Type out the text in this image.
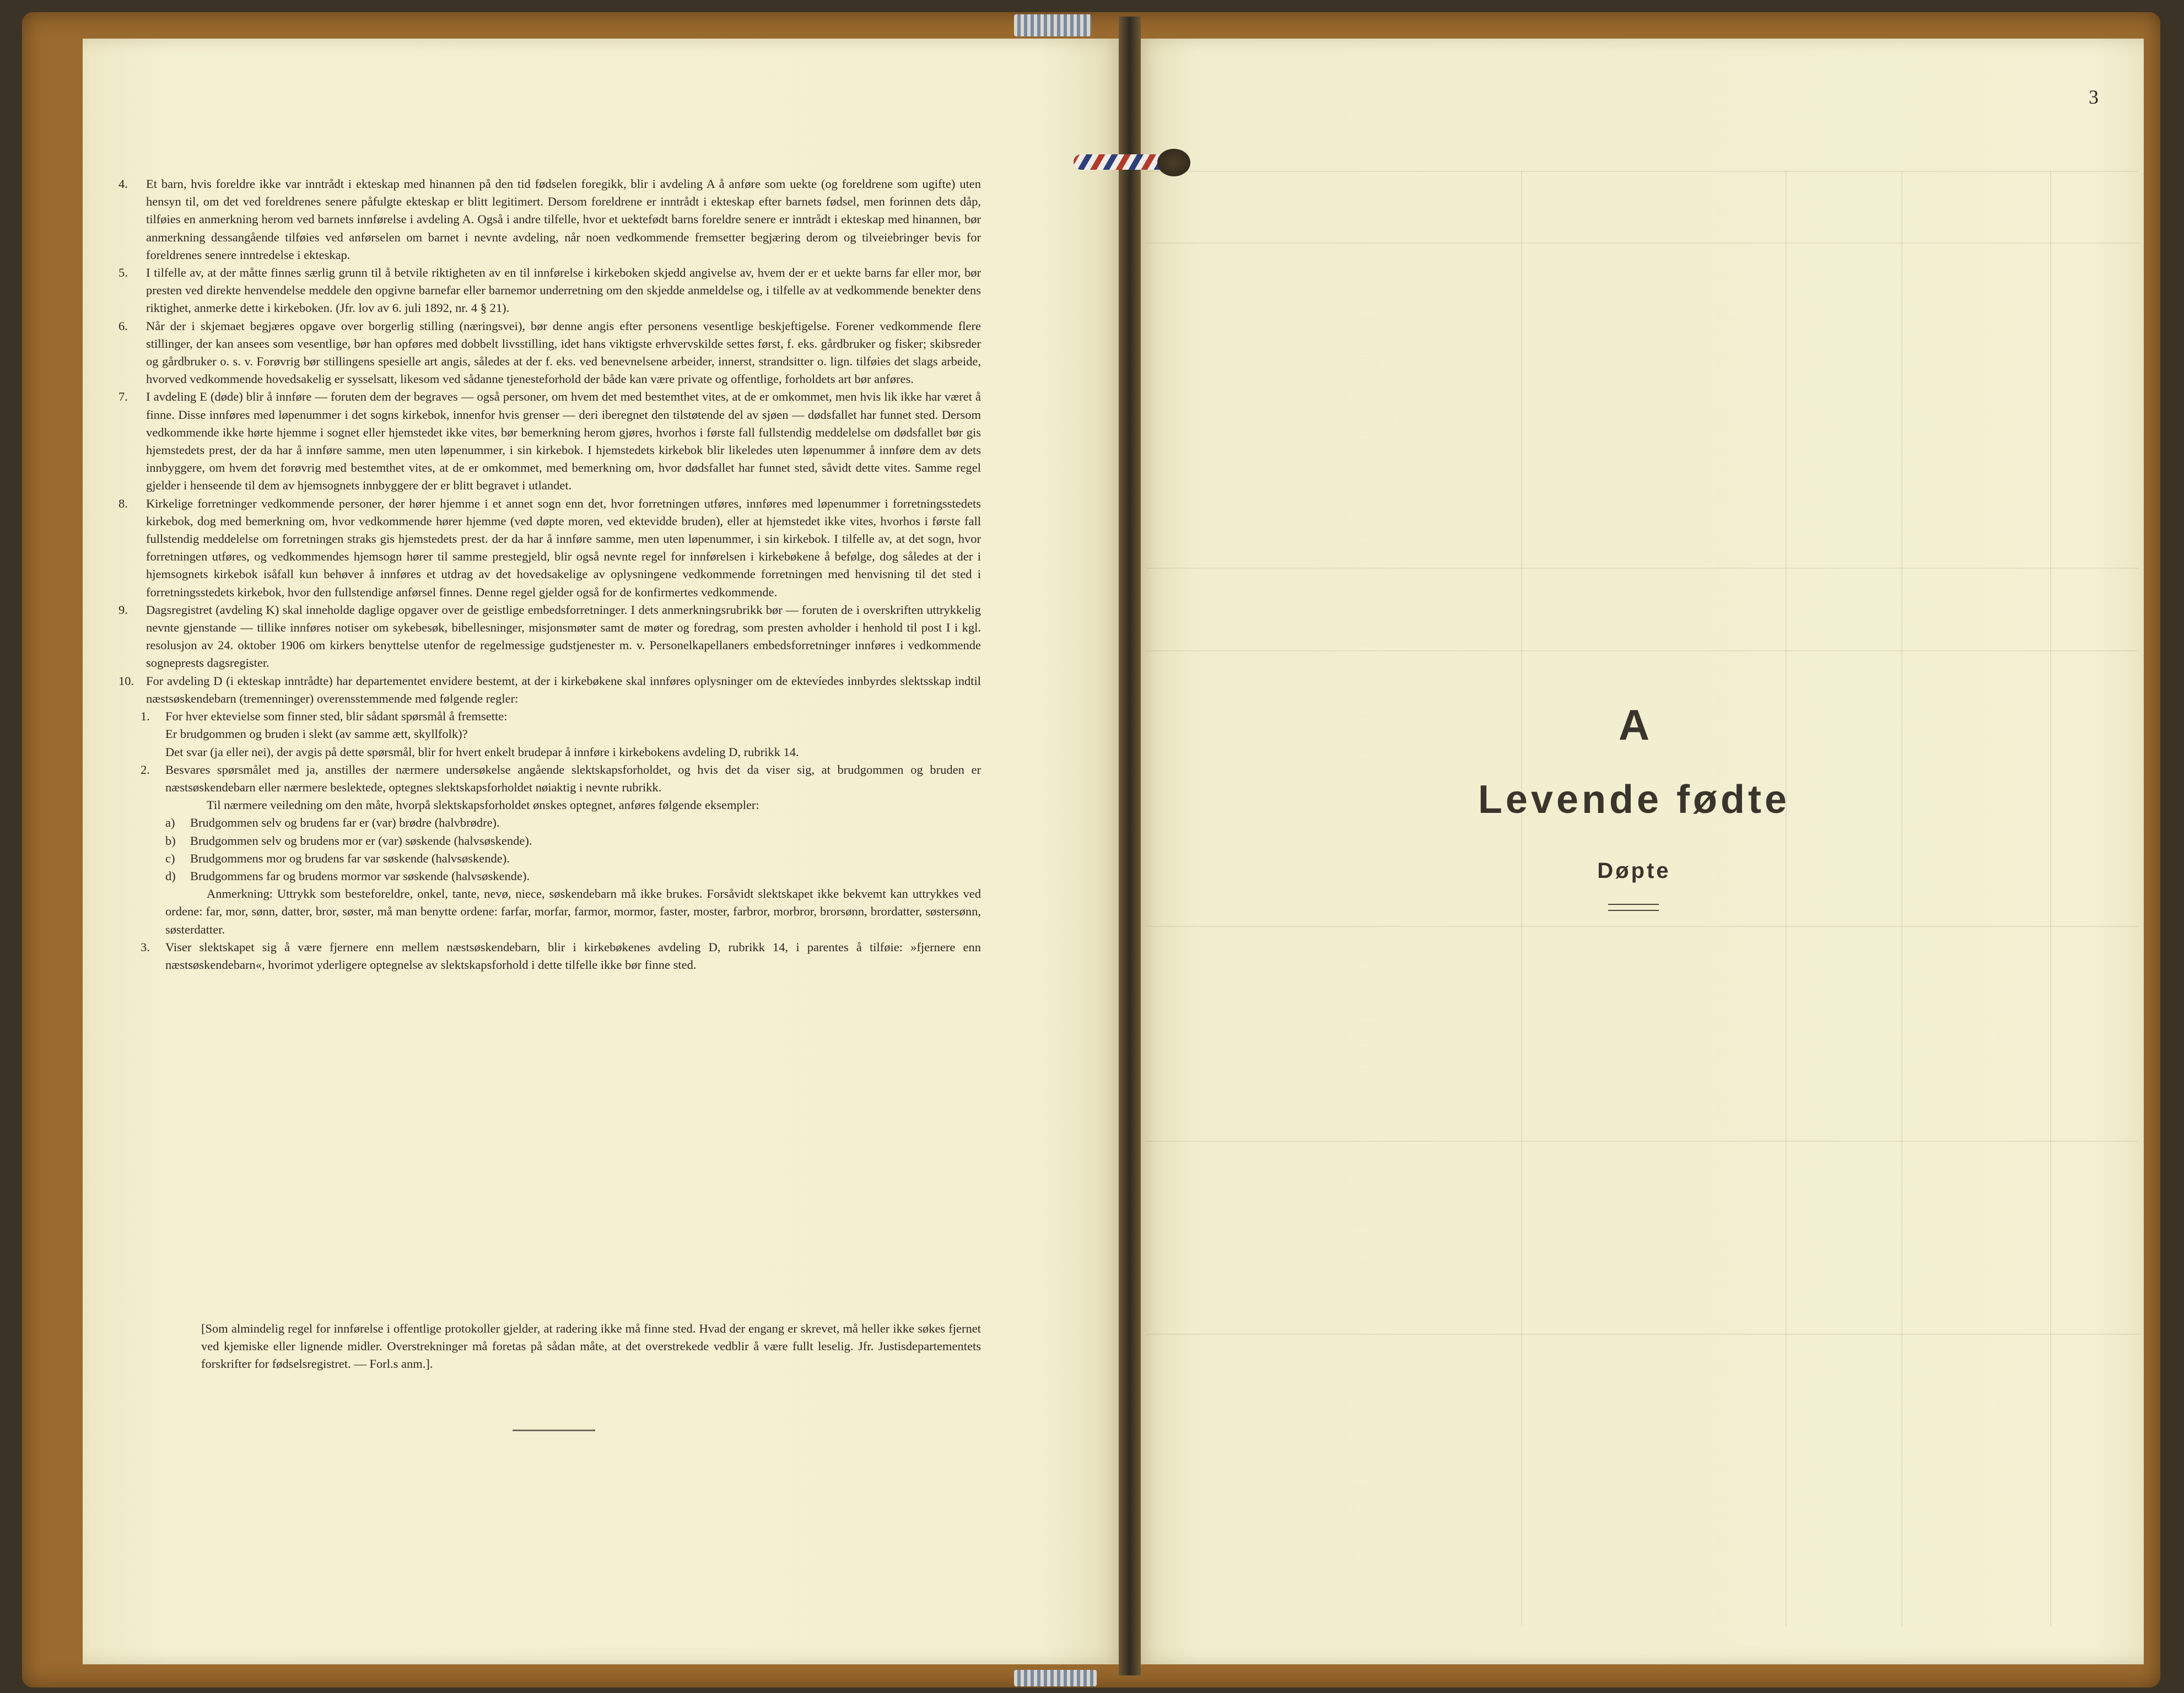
4.	Et barn, hvis foreldre ikke var inntrådt i ekteskap med hinannen på den tid fødselen foregikk, blir i avdeling A å anføre som uekte (og foreldrene som ugifte) uten hensyn til, om det ved foreldrenes senere påfulgte ekteskap er blitt legitimert. Dersom foreldrene er inntrådt i ekteskap efter barnets fødsel, men forinnen dets dåp, tilføies en anmerkning herom ved barnets innførelse i avdeling A. Også i andre tilfelle, hvor et uektefødt barns foreldre senere er inntrådt i ekteskap med hinannen, bør anmerkning dessangående tilføies ved anførselen om barnet i nevnte avdeling, når noen vedkommende fremsetter begjæring derom og tilveiebringer bevis for foreldrenes senere inntredelse i ekteskap.
5.	I tilfelle av, at der måtte finnes særlig grunn til å betvile riktigheten av en til innførelse i kirkeboken skjedd angivelse av, hvem der er et uekte barns far eller mor, bør presten ved direkte henvendelse meddele den opgivne barnefar eller barnemor underretning om den skjedde anmeldelse og, i tilfelle av at vedkommende benekter dens riktighet, anmerke dette i kirkeboken. (Jfr. lov av 6. juli 1892, nr. 4 § 21).
6.	Når der i skjemaet begjæres opgave over borgerlig stilling (næringsvei), bør denne angis efter personens vesentlige beskjeftigelse. Forener vedkommende flere stillinger, der kan ansees som vesentlige, bør han opføres med dobbelt livsstilling, idet hans viktigste erhvervskilde settes først, f. eks. gårdbruker og fisker; skibsreder og gårdbruker o. s. v. Forøvrig bør stillingens spesielle art angis, således at der f. eks. ved benevnelsene arbeider, innerst, strandsitter o. lign. tilføies det slags arbeide, hvorved vedkommende hovedsakelig er sysselsatt, likesom ved sådanne tjenesteforhold der både kan være private og offentlige, forholdets art bør anføres.
7.	I avdeling E (døde) blir å innføre — foruten dem der begraves — også personer, om hvem det med bestemthet vites, at de er omkommet, men hvis lik ikke har været å finne. Disse innføres med løpenummer i det sogns kirkebok, innenfor hvis grenser — deri iberegnet den tilstøtende del av sjøen — dødsfallet har funnet sted. Dersom vedkommende ikke hørte hjemme i sognet eller hjemstedet ikke vites, bør bemerkning herom gjøres, hvorhos i første fall fullstendig meddelelse om dødsfallet bør gis hjemstedets prest, der da har å innføre samme, men uten løpenummer, i sin kirkebok. I hjemstedets kirkebok blir likeledes uten løpenummer å innføre dem av dets innbyggere, om hvem det forøvrig med bestemthet vites, at de er omkommet, med bemerkning om, hvor dødsfallet har funnet sted, såvidt dette vites. Samme regel gjelder i henseende til dem av hjemsognets innbyggere der er blitt begravet i utlandet.
8.	Kirkelige forretninger vedkommende personer, der hører hjemme i et annet sogn enn det, hvor forretningen utføres, innføres med løpenummer i forretningsstedets kirkebok, dog med bemerkning om, hvor vedkommende hører hjemme (ved døpte moren, ved ektevidde bruden), eller at hjemstedet ikke vites, hvorhos i første fall fullstendig meddelelse om forretningen straks gis hjemstedets prest. der da har å innføre samme, men uten løpenummer, i sin kirkebok. I tilfelle av, at det sogn, hvor forretningen utføres, og vedkommendes hjemsogn hører til samme prestegjeld, blir også nevnte regel for innførelsen i kirkebøkene å befølge, dog således at der i hjemsognets kirkebok isåfall kun behøver å innføres et utdrag av det hovedsakelige av oplysningene vedkommende forretningen med henvisning til det sted i forretningsstedets kirkebok, hvor den fullstendige anførsel finnes. Denne regel gjelder også for de konfirmertes vedkommende.
9.	Dagsregistret (avdeling K) skal inneholde daglige opgaver over de geistlige embedsforretninger. I dets anmerkningsrubrikk bør — foruten de i overskriften uttrykkelig nevnte gjenstande — tillike innføres notiser om sykebesøk, bibellesninger, misjonsmøter samt de møter og foredrag, som presten avholder i henhold til post I i kgl. resolusjon av 24. oktober 1906 om kirkers benyttelse utenfor de regelmessige gudstjenester m. v. Personelkapellaners embedsforretninger innføres i vedkommende sogneprests dagsregister.
10. For avdeling D (i ekteskap inntrådte) har departementet envidere bestemt, at der i kirkebøkene skal innføres oplysninger om de ektevíedes innbyrdes slektsskap indtil næstsøskendebarn (tremenninger) overensstemmende med følgende regler:
1.	For hver ektevielse som finner sted, blir sådant spørsmål å fremsette:
Er brudgommen og bruden i slekt (av samme ætt, skyllfolk)?
Det svar (ja eller nei), der avgis på dette spørsmål, blir for hvert enkelt brudepar å innføre i kirkebokens avdeling D, rubrikk 14.
2.	Besvares spørsmålet med ja, anstilles der nærmere undersøkelse angående slektskapsforholdet, og hvis det da viser sig, at brudgommen og bruden er næstsøskendebarn eller nærmere beslektede, optegnes slektskapsforholdet nøiaktig i nevnte rubrikk.
Til nærmere veiledning om den måte, hvorpå slektskapsforholdet ønskes optegnet, anføres følgende eksempler:
a)	Brudgommen selv og brudens far er (var) brødre (halvbrødre).
b)	Brudgommen selv og brudens mor er (var) søskende (halvsøskende).
c)	Brudgommens mor og brudens far var søskende (halvsøskende).
d)	Brudgommens far og brudens mormor var søskende (halvsøskende).
Anmerkning: Uttrykk som besteforeldre, onkel, tante, nevø, niece, søskendebarn må ikke brukes. Forsåvidt slektskapet ikke bekvemt kan uttrykkes ved ordene: far, mor, sønn, datter, bror, søster, må man benytte ordene: farfar, morfar, farmor, mormor, faster, moster, farbror, morbror, brorsønn, brordatter, søstersønn, søsterdatter.
3.	Viser slektskapet sig å være fjernere enn mellem næstsøskendebarn, blir i kirkebøkenes avdeling D, rubrikk 14, i parentes å tilføie: »fjernere enn næstsøskendebarn«, hvorimot yderligere optegnelse av slektskapsforhold i dette tilfelle ikke bør finne sted.
[Som almindelig regel for innførelse i offentlige protokoller gjelder, at radering ikke må finne sted. Hvad der engang er skrevet, må heller ikke søkes fjernet ved kjemiske eller lignende midler. Overstrekninger må foretas på sådan måte, at det overstrekede vedblir å være fullt leselig. Jfr. Justisdepartementets forskrifter for fødselsregistret. — Forl.s anm.].
3
A
Levende fødte
Døpte
